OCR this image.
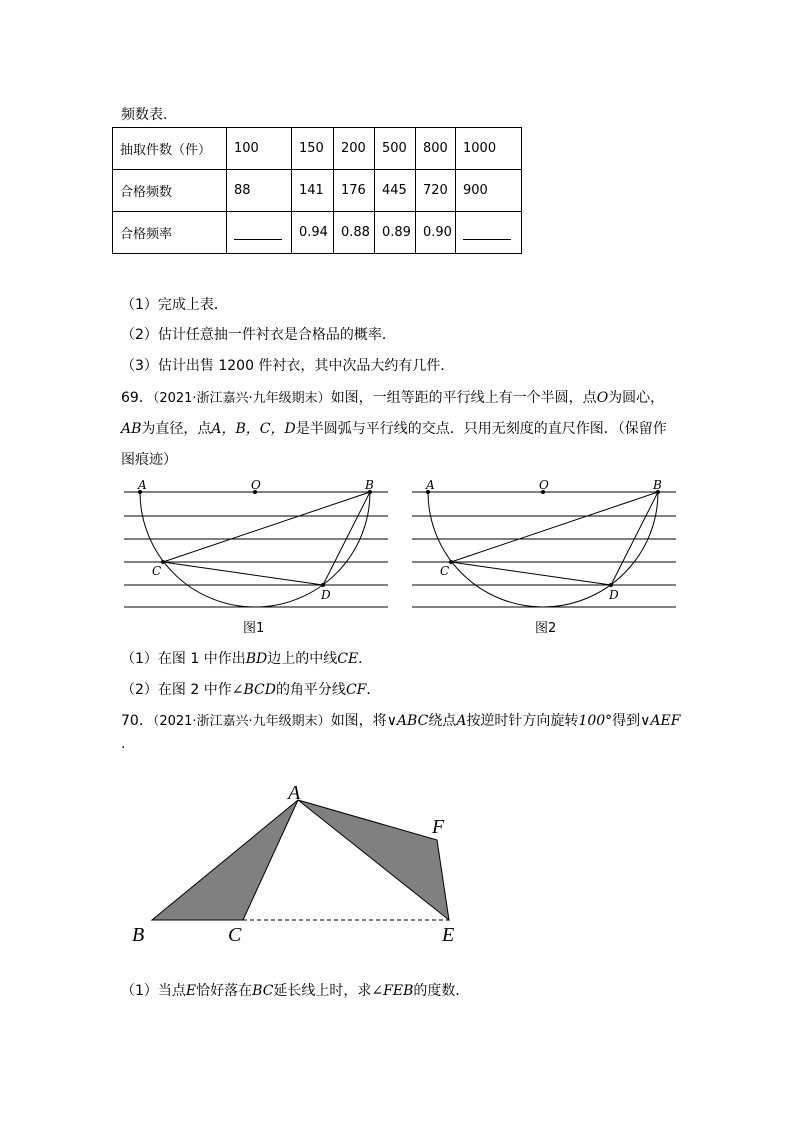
频数表．
抽取件数（件）	100	150	200	500	800	1000
合格频数	88	141	176	445	720	900
合格频率		0.94	0.88	0.89	0.90	
（1）完成上表．
（2）估计任意抽一件衬衣是合格品的概率．
（3）估计出售 1200 件衬衣，其中次品大约有几件．
69．（2021·浙江嘉兴·九年级期末）如图，一组等距的平行线上有一个半圆，点O为圆心，
AB为直径，点A，B，C，D是半圆弧与平行线的交点．只用无刻度的直尺作图．（保留作
图痕迹）
A	O	B
C
D
图1
A	O	B
C
D
图2
A
B	C	E
F
（1）在图 1 中作出BD边上的中线CE．
（2）在图 2 中作∠BCD的角平分线CF．
70．（2021·浙江嘉兴·九年级期末）如图，将∨ABC绕点A按逆时针方向旋转100°得到∨AEF
.
（1）当点E恰好落在BC延长线上时，求∠FEB的度数．
